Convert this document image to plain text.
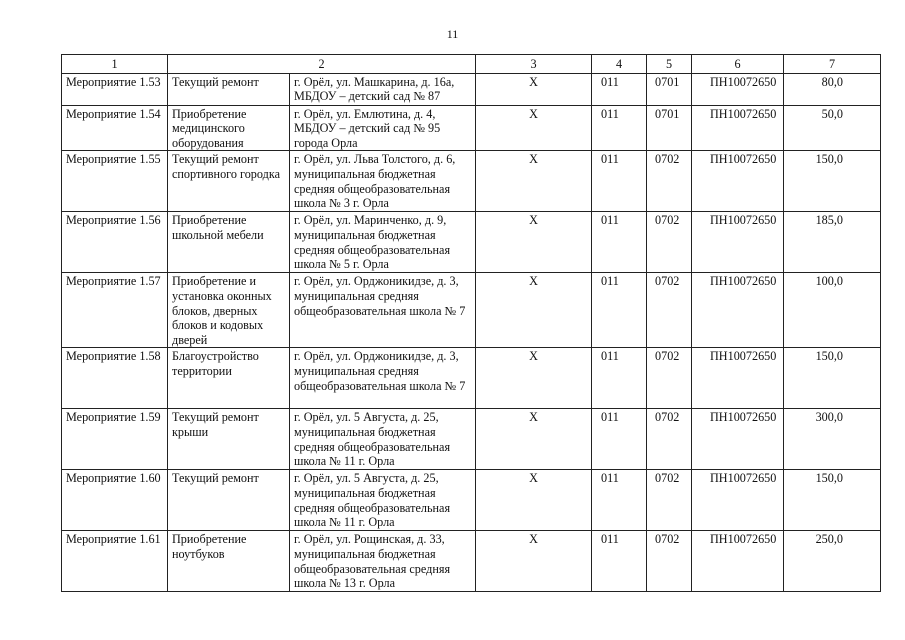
11
1	2		3	4	5	6	7
Мероприятие 1.53	Текущий ремонт	г. Орёл, ул. Машкарина, д. 16а, МБДОУ – детский сад № 87	Х	011	0701	ПН10072650	80,0
Мероприятие 1.54	Приобретение медицинского оборудования	г. Орёл, ул. Емлютина, д. 4, МБДОУ – детский сад № 95 города Орла	Х	011	0701	ПН10072650	50,0
Мероприятие 1.55	Текущий ремонт спортивного городка	г. Орёл, ул. Льва Толстого, д. 6, муниципальная бюджетная средняя общеобразовательная школа № 3 г. Орла	Х	011	0702	ПН10072650	150,0
Мероприятие 1.56	Приобретение школьной мебели	г. Орёл, ул. Маринченко, д. 9, муниципальная бюджетная средняя общеобразовательная школа № 5 г. Орла	Х	011	0702	ПН10072650	185,0
Мероприятие 1.57	Приобретение и установка оконных блоков, дверных блоков и кодовых дверей	г. Орёл, ул. Орджоникидзе, д. 3, муниципальная средняя общеобразовательная школа № 7	Х	011	0702	ПН10072650	100,0
Мероприятие 1.58	Благоустройство территории	г. Орёл, ул. Орджоникидзе, д. 3, муниципальная средняя общеобразовательная школа № 7	Х	011	0702	ПН10072650	150,0
Мероприятие 1.59	Текущий ремонт крыши	г. Орёл, ул. 5 Августа, д. 25, муниципальная бюджетная средняя общеобразовательная школа № 11 г. Орла	Х	011	0702	ПН10072650	300,0
Мероприятие 1.60	Текущий ремонт	г. Орёл, ул. 5 Августа, д. 25, муниципальная бюджетная средняя общеобразовательная школа № 11 г. Орла	Х	011	0702	ПН10072650	150,0
Мероприятие 1.61	Приобретение ноутбуков	г. Орёл, ул. Рощинская, д. 33, муниципальная бюджетная общеобразовательная средняя школа № 13 г. Орла	Х	011	0702	ПН10072650	250,0
